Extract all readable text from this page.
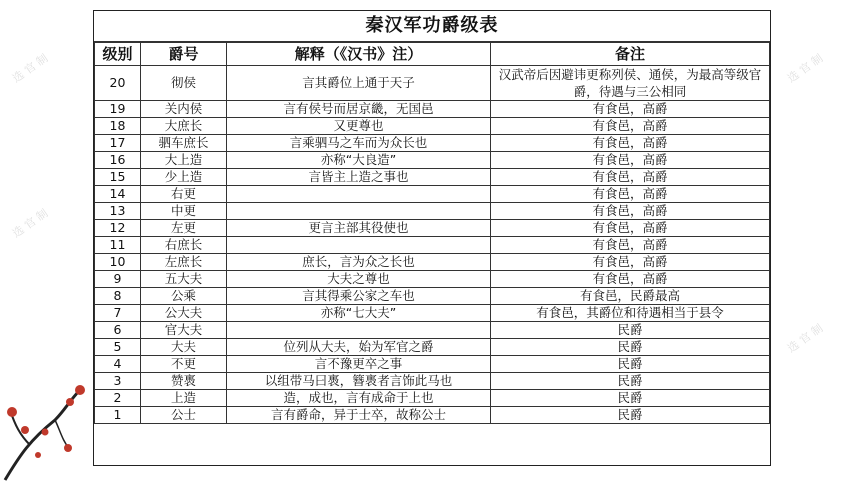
选 官 制
选 官 制
选 官 制
选 官 制
秦汉军功爵级表
级别	爵号	解释（《汉书》注）	备注
20	彻侯	言其爵位上通于天子	汉武帝后因避讳更称列侯、通侯，为最高等级官爵，待遇与三公相同
19	关内侯	言有侯号而居京畿，无国邑	有食邑，高爵
18	大庶长	又更尊也	有食邑，高爵
17	驷车庶长	言乘驷马之车而为众长也	有食邑，高爵
16	大上造	亦称“大良造”	有食邑，高爵
15	少上造	言皆主上造之事也	有食邑，高爵
14	右更		有食邑，高爵
13	中更		有食邑，高爵
12	左更	更言主部其役使也	有食邑，高爵
11	右庶长		有食邑，高爵
10	左庶长	庶长，言为众之长也	有食邑，高爵
9	五大夫	大夫之尊也	有食邑，高爵
8	公乘	言其得乘公家之车也	有食邑，民爵最高
7	公大夫	亦称“七大夫”	有食邑，其爵位和待遇相当于县令
6	官大夫		民爵
5	大夫	位列从大夫，始为军官之爵	民爵
4	不更	言不豫更卒之事	民爵
3	赞褭	以组带马曰褭，簪褭者言饰此马也	民爵
2	上造	造，成也，言有成命于上也	民爵
1	公士	言有爵命，异于士卒，故称公士	民爵
